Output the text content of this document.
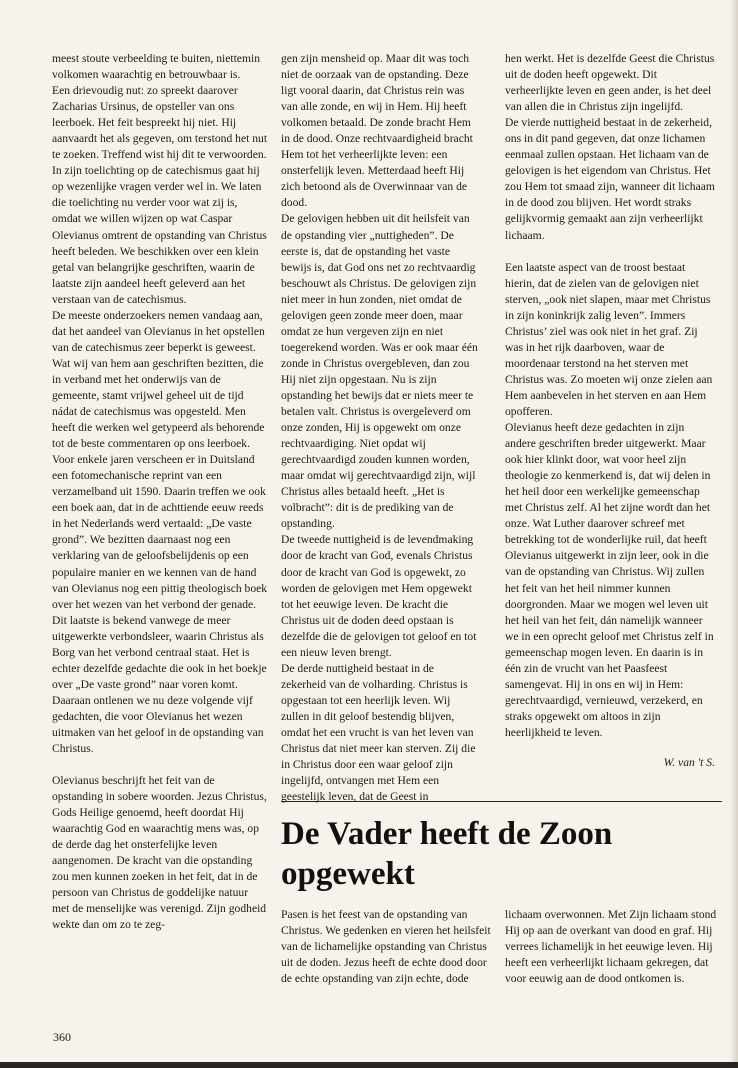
meest stoute verbeelding te buiten, niettemin volkomen waarachtig en betrouwbaar is.

Een drievoudig nut: zo spreekt daarover Zacharias Ursinus, de opsteller van ons leerboek. Het feit bespreekt hij niet. Hij aanvaardt het als gegeven, om terstond het nut te zoeken. Treffend wist hij dit te verwoorden. In zijn toelichting op de catechismus gaat hij op wezenlijke vragen verder wel in. We laten die toelichting nu verder voor wat zij is, omdat we willen wijzen op wat Caspar Olevianus omtrent de opstanding van Christus heeft beleden. We beschikken over een klein getal van belangrijke geschriften, waarin de laatste zijn aandeel heeft geleverd aan het verstaan van de catechismus.

De meeste onderzoekers nemen vandaag aan, dat het aandeel van Olevianus in het opstellen van de catechismus zeer beperkt is geweest. Wat wij van hem aan geschriften bezitten, die in verband met het onderwijs van de gemeente, stamt vrijwel geheel uit de tijd nádat de catechismus was opgesteld. Men heeft die werken wel getypeerd als behorende tot de beste commentaren op ons leerboek. Voor enkele jaren verscheen er in Duitsland een fotomechanische reprint van een verzamelband uit 1590. Daarin treffen we ook een boek aan, dat in de achttiende eeuw reeds in het Nederlands werd vertaald: „De vaste grond”. We bezitten daarnaast nog een verklaring van de geloofsbelijdenis op een populaire manier en we kennen van de hand van Olevianus nog een pittig theologisch boek over het wezen van het verbond der genade. Dit laatste is bekend vanwege de meer uitgewerkte verbondsleer, waarin Christus als Borg van het verbond centraal staat. Het is echter dezelfde gedachte die ook in het boekje over „De vaste grond” naar voren komt. Daaraan ontlenen we nu deze volgende vijf gedachten, die voor Olevianus het wezen uitmaken van het geloof in de opstanding van Christus.

Olevianus beschrijft het feit van de opstanding in sobere woorden. Jezus Christus, Gods Heilige genoemd, heeft doordat Hij waarachtig God en waarachtig mens was, op de derde dag het onsterfelijke leven aangenomen. De kracht van die opstanding zou men kunnen zoeken in het feit, dat in de persoon van Christus de goddelijke natuur met de menselijke was verenigd. Zijn godheid wekte dan om zo te zeg-

gen zijn mensheid op. Maar dit was toch niet de oorzaak van de opstanding. Deze ligt vooral daarin, dat Christus rein was van alle zonde, en wij in Hem. Hij heeft volkomen betaald. De zonde bracht Hem in de dood. Onze rechtvaardigheid bracht Hem tot het verheerlijkte leven: een onsterfelijk leven. Metterdaad heeft Hij zich betoond als de Overwinnaar van de dood.

De gelovigen hebben uit dit heilsfeit van de opstanding vier „nuttigheden”. De eerste is, dat de opstanding het vaste bewijs is, dat God ons net zo rechtvaardig beschouwt als Christus. De gelovigen zijn niet meer in hun zonden, niet omdat de gelovigen geen zonde meer doen, maar omdat ze hun vergeven zijn en niet toegerekend worden. Was er ook maar één zonde in Christus overgebleven, dan zou Hij niet zijn opgestaan. Nu is zijn opstanding het bewijs dat er niets meer te betalen valt. Christus is overgeleverd om onze zonden, Hij is opgewekt om onze rechtvaardiging. Niet opdat wij gerechtvaardigd zouden kunnen worden, maar omdat wij gerechtvaardigd zijn, wijl Christus alles betaald heeft. „Het is volbracht”: dit is de prediking van de opstanding.

De tweede nuttigheid is de levendmaking door de kracht van God, evenals Christus door de kracht van God is opgewekt, zo worden de gelovigen met Hem opgewekt tot het eeuwige leven. De kracht die Christus uit de doden deed opstaan is dezelfde die de gelovigen tot geloof en tot een nieuw leven brengt.

De derde nuttigheid bestaat in de zekerheid van de volharding. Christus is opgestaan tot een heerlijk leven. Wij zullen in dit geloof bestendig blijven, omdat het een vrucht is van het leven van Christus dat niet meer kan sterven. Zij die in Christus door een waar geloof zijn ingelijfd, ontvangen met Hem een geestelijk leven, dat de Geest in

hen werkt. Het is dezelfde Geest die Christus uit de doden heeft opgewekt. Dit verheerlijkte leven en geen ander, is het deel van allen die in Christus zijn ingelijfd.

De vierde nuttigheid bestaat in de zekerheid, ons in dit pand gegeven, dat onze lichamen eenmaal zullen opstaan. Het lichaam van de gelovigen is het eigendom van Christus. Het zou Hem tot smaad zijn, wanneer dit lichaam in de dood zou blijven. Het wordt straks gelijkvormig gemaakt aan zijn verheerlijkt lichaam.

Een laatste aspect van de troost bestaat hierin, dat de zielen van de gelovigen niet sterven, „ook niet slapen, maar met Christus in zijn koninkrijk zalig leven”. Immers Christus’ ziel was ook niet in het graf. Zij was in het rijk daarboven, waar de moordenaar terstond na het sterven met Christus was. Zo moeten wij onze zielen aan Hem aanbevelen in het sterven en aan Hem opofferen.

Olevianus heeft deze gedachten in zijn andere geschriften breder uitgewerkt. Maar ook hier klinkt door, wat voor heel zijn theologie zo kenmerkend is, dat wij delen in het heil door een werkelijke gemeenschap met Christus zelf. Al het zijne wordt dan het onze. Wat Luther daarover schreef met betrekking tot de wonderlijke ruil, dat heeft Olevianus uitgewerkt in zijn leer, ook in die van de opstanding van Christus. Wij zullen het feit van het heil nimmer kunnen doorgronden. Maar we mogen wel leven uit het heil van het feit, dán namelijk wanneer we in een oprecht geloof met Christus zelf in gemeenschap mogen leven. En daarin is in één zin de vrucht van het Paasfeest samengevat. Hij in ons en wij in Hem: gerechtvaardigd, vernieuwd, verzekerd, en straks opgewekt om altoos in zijn heerlijkheid te leven.

W. van 't S.

De Vader heeft de Zoon opgewekt

Pasen is het feest van de opstanding van Christus. We gedenken en vieren het heilsfeit van de lichamelijke opstanding van Christus uit de doden. Jezus heeft de echte dood door de echte opstanding van zijn echte, dode

lichaam overwonnen. Met Zijn lichaam stond Hij op aan de overkant van dood en graf. Hij verrees lichamelijk in het eeuwige leven. Hij heeft een verheerlijkt lichaam gekregen, dat voor eeuwig aan de dood ontkomen is.

360
